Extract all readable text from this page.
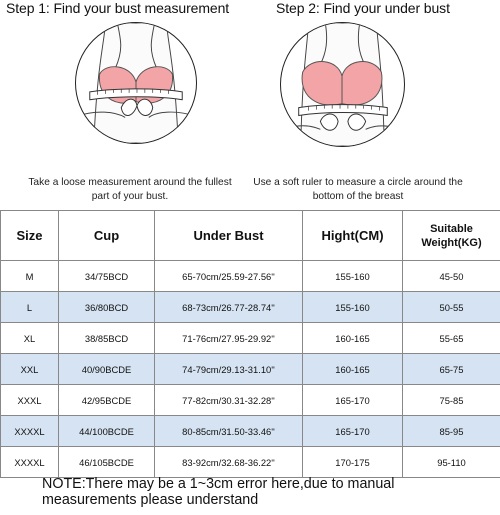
Step 1: Find your bust measurement	Step 2: Find your under bust
Take a loose measurement around the fullest
part of your bust.
Use a soft ruler to measure a circle around the
bottom of the breast
Size	Cup	Under Bust	Hight(CM)	Suitable
Weight(KG)

M	34/75BCD	65-70cm/25.59-27.56''	155-160	45-50
L	36/80BCD	68-73cm/26.77-28.74''	155-160	50-55
XL	38/85BCD	71-76cm/27.95-29.92''	160-165	55-65
XXL	40/90BCDE	74-79cm/29.13-31.10''	160-165	65-75
XXXL	42/95BCDE	77-82cm/30.31-32.28''	165-170	75-85
XXXXL	44/100BCDE	80-85cm/31.50-33.46''	165-170	85-95
XXXXL	46/105BCDE	83-92cm/32.68-36.22''	170-175	95-110
NOTE:There may be a 1~3cm error here,due to manual
measurements please understand
